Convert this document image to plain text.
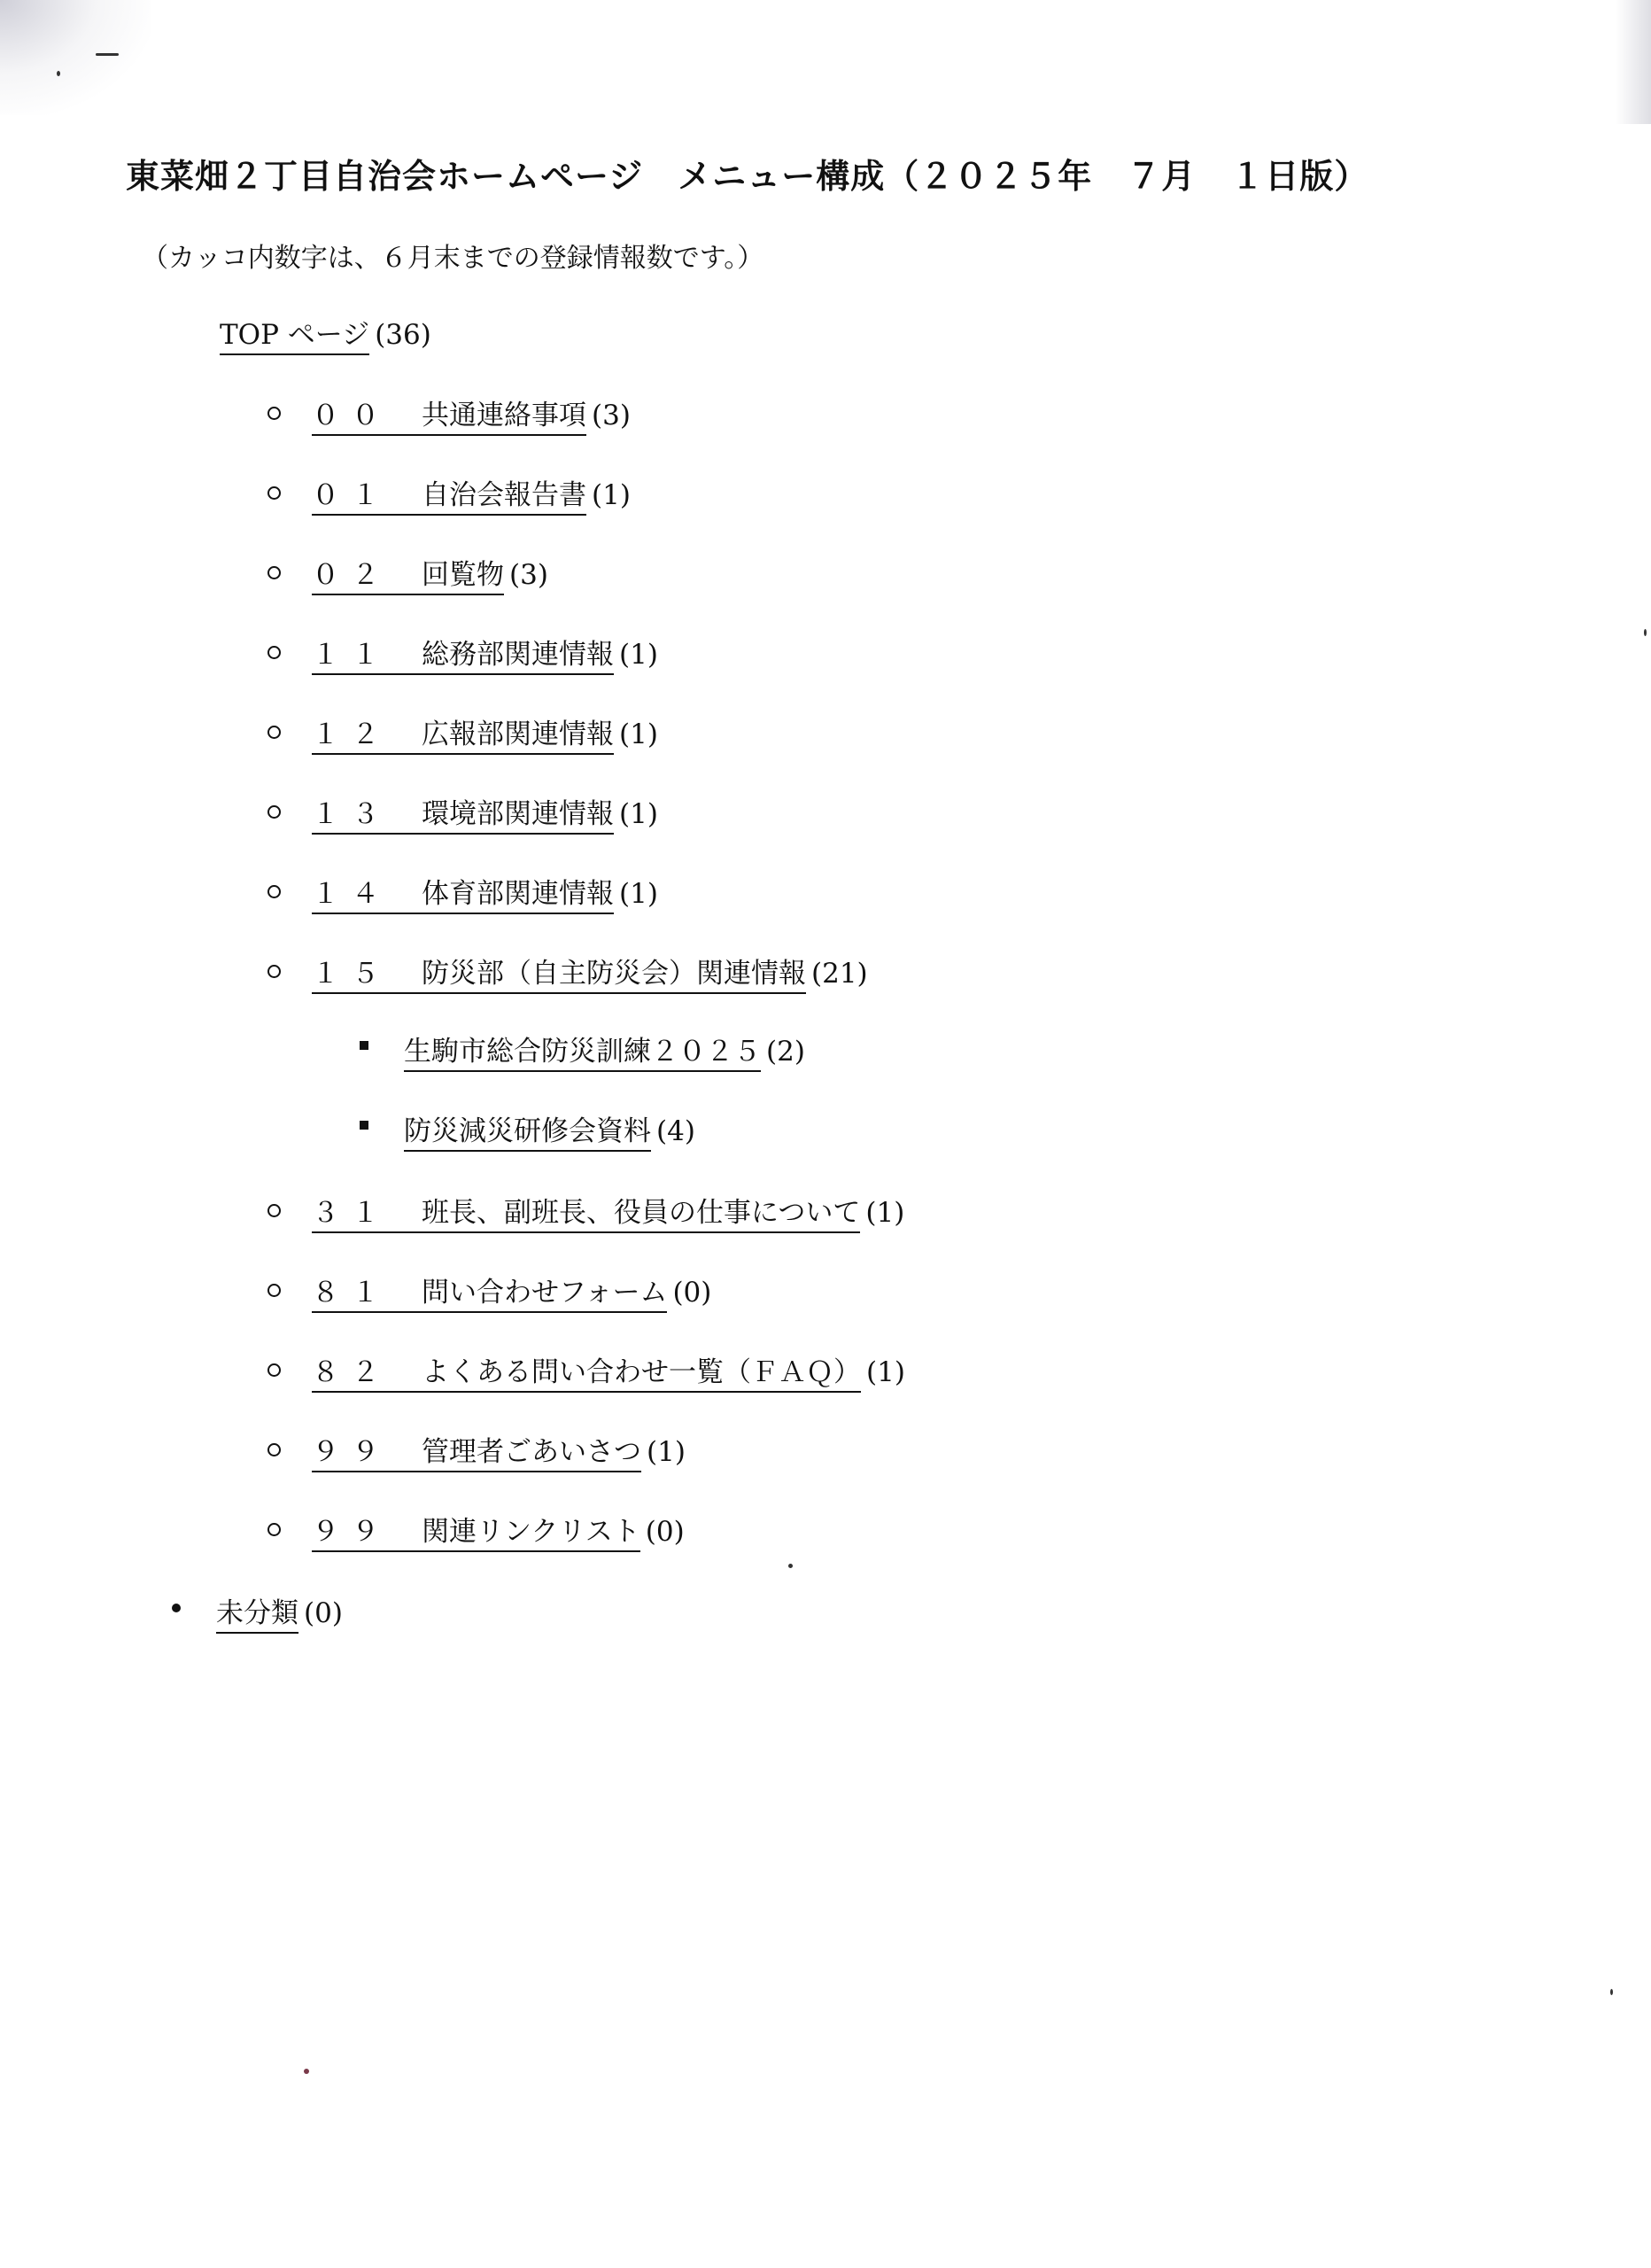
東菜畑２丁目自治会ホームページ　メニュー構成（２０２５年　７月　１日版）
（カッコ内数字は、６月末までの登録情報数です。）
TOP ページ (36)
００ 共通連絡事項 (3)
０１ 自治会報告書 (1)
０２ 回覧物 (3)
１１ 総務部関連情報 (1)
１２ 広報部関連情報 (1)
１３ 環境部関連情報 (1)
１４ 体育部関連情報 (1)
１５ 防災部（自主防災会）関連情報 (21)
生駒市総合防災訓練２０２５ (2)
防災減災研修会資料 (4)
３１ 班長、副班長、役員の仕事について (1)
８１ 問い合わせフォーム (0)
８２ よくある問い合わせ一覧（ＦＡＱ） (1)
９９ 管理者ごあいさつ (1)
９９ 関連リンクリスト (0)
未分類 (0)
